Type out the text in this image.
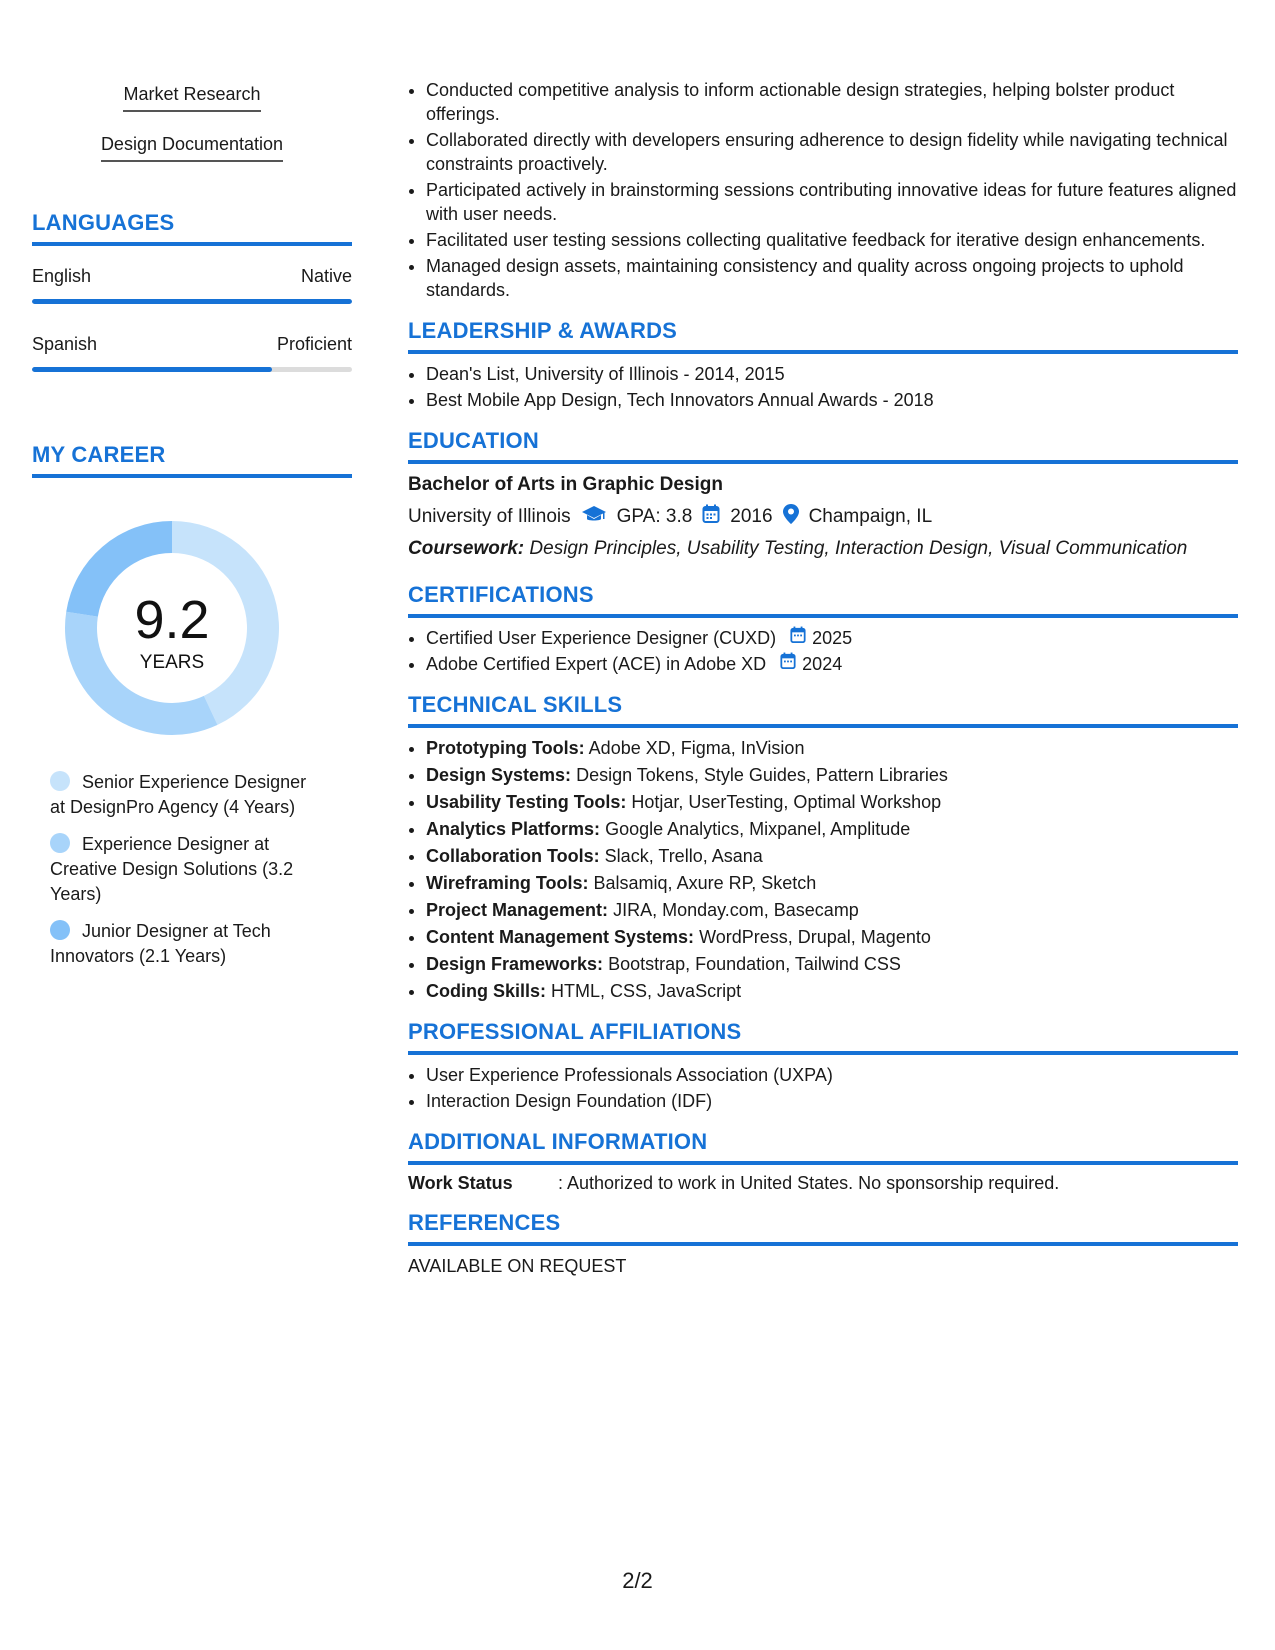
Market Research
Design Documentation
LANGUAGES
English	Native
Spanish	Proficient
MY CAREER
9.2
YEARS
Senior Experience Designer at DesignPro Agency (4 Years)
Experience Designer at Creative Design Solutions (3.2 Years)
Junior Designer at Tech Innovators (2.1 Years)
• Conducted competitive analysis to inform actionable design strategies, helping bolster product offerings.
• Collaborated directly with developers ensuring adherence to design fidelity while navigating technical constraints proactively.
• Participated actively in brainstorming sessions contributing innovative ideas for future features aligned with user needs.
• Facilitated user testing sessions collecting qualitative feedback for iterative design enhancements.
• Managed design assets, maintaining consistency and quality across ongoing projects to uphold standards.
LEADERSHIP & AWARDS
• Dean's List, University of Illinois - 2014, 2015
• Best Mobile App Design, Tech Innovators Annual Awards - 2018
EDUCATION
Bachelor of Arts in Graphic Design
University of Illinois GPA: 3.8 2016 Champaign, IL
Coursework: Design Principles, Usability Testing, Interaction Design, Visual Communication
CERTIFICATIONS
• Certified User Experience Designer (CUXD) 2025
• Adobe Certified Expert (ACE) in Adobe XD 2024
TECHNICAL SKILLS
• Prototyping Tools: Adobe XD, Figma, InVision
• Design Systems: Design Tokens, Style Guides, Pattern Libraries
• Usability Testing Tools: Hotjar, UserTesting, Optimal Workshop
• Analytics Platforms: Google Analytics, Mixpanel, Amplitude
• Collaboration Tools: Slack, Trello, Asana
• Wireframing Tools: Balsamiq, Axure RP, Sketch
• Project Management: JIRA, Monday.com, Basecamp
• Content Management Systems: WordPress, Drupal, Magento
• Design Frameworks: Bootstrap, Foundation, Tailwind CSS
• Coding Skills: HTML, CSS, JavaScript
PROFESSIONAL AFFILIATIONS
• User Experience Professionals Association (UXPA)
• Interaction Design Foundation (IDF)
ADDITIONAL INFORMATION
Work Status	: Authorized to work in United States. No sponsorship required.
REFERENCES
AVAILABLE ON REQUEST
2/2
